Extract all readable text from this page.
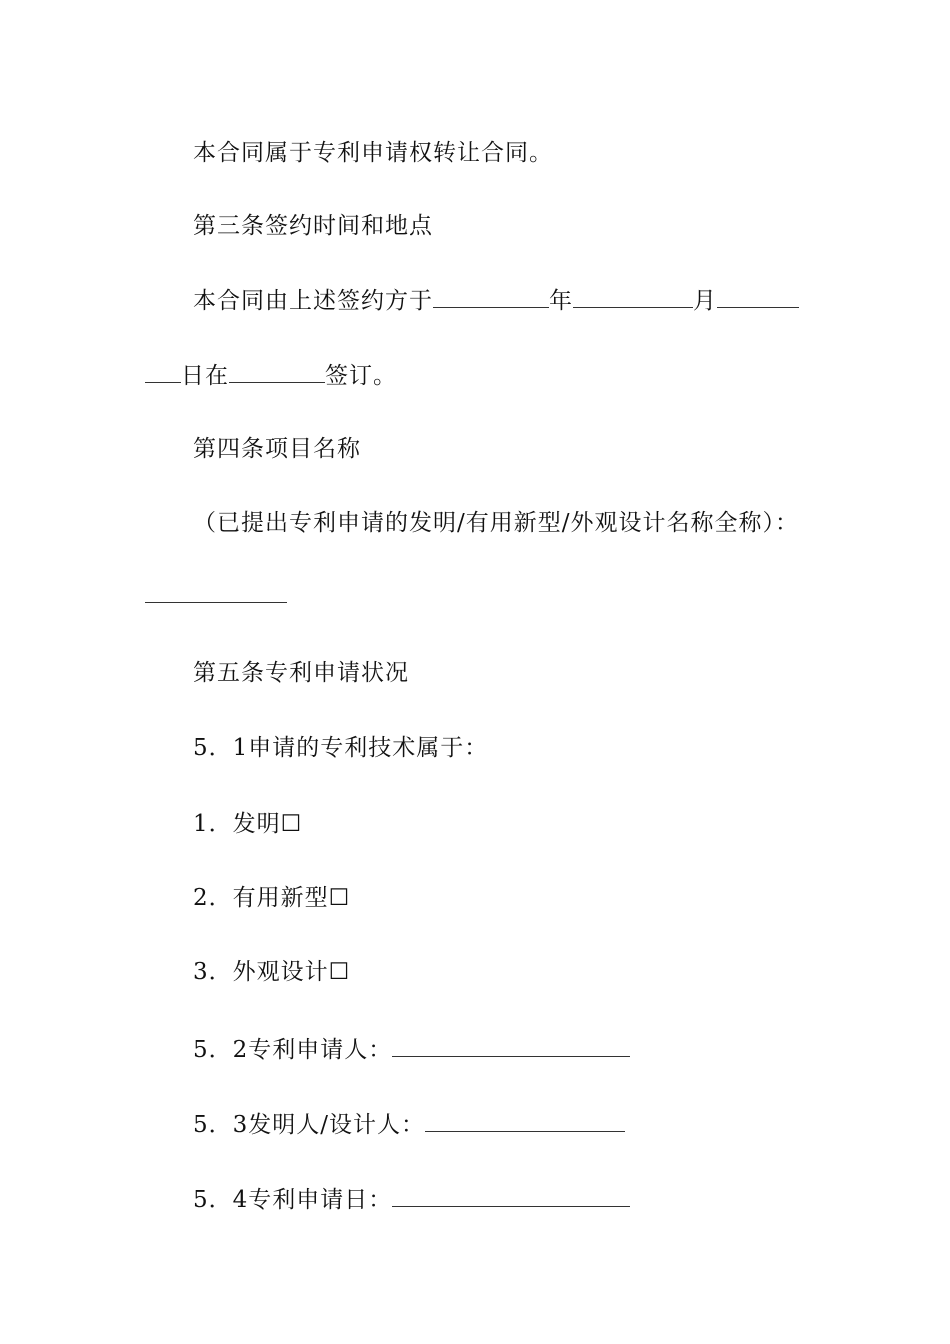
本合同属于专利申请权转让合同。
第三条签约时间和地点
本合同由上述签约方于	年	月
日在	签订。
第四条项目名称
（已提出专利申请的发明/有用新型/外观设计名称全称）：
第五条专利申请状况
5．1申请的专利技术属于：
1．发明☐
2．有用新型☐
3．外观设计☐
5．2专利申请人：
5．3发明人/设计人：
5．4专利申请日：
